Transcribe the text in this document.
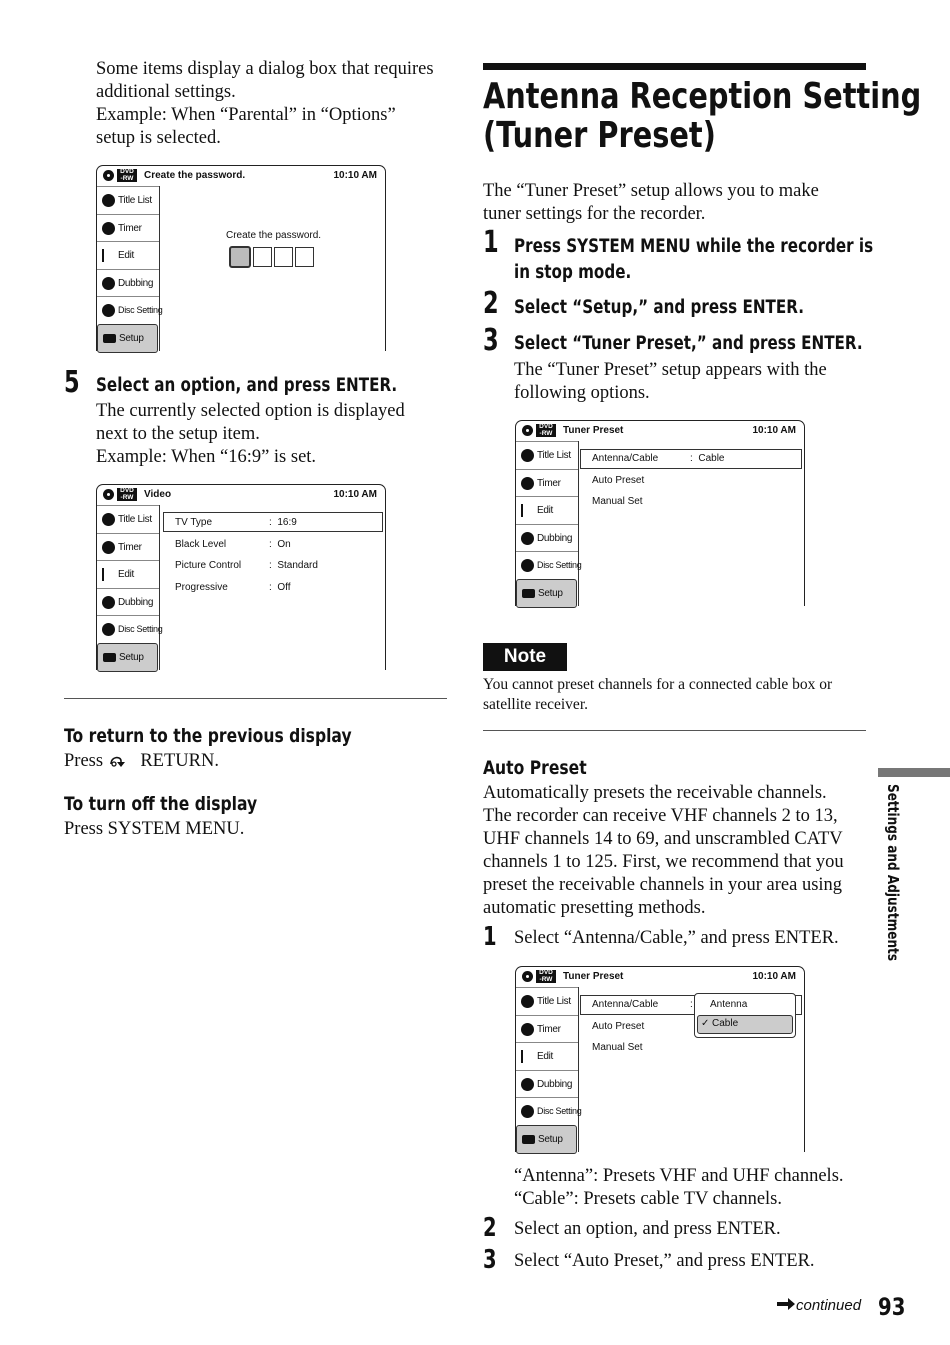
Some items display a dialog box that requires
additional settings.
Example: When “Parental” in “Options”
setup is selected.
DVD
-RW	Create the password.	10:10 AM
Title List
Timer
Edit
Dubbing
Disc Setting
Setup
Create the password.
5 Select an option, and press ENTER.
The currently selected option is displayed
next to the setup item.
Example: When “16:9” is set.
DVD
-RW	Video	10:10 AM
Title List
Timer
Edit
Dubbing
Disc Setting
Setup
TV Type	: 16:9
Black Level	: On
Picture Control	: Standard
Progressive	: Off
To return to the previous display
Press RETURN.
To turn off the display
Press SYSTEM MENU.
Antenna Reception Setting
(Tuner Preset)
The “Tuner Preset” setup allows you to make
tuner settings for the recorder.
1 Press SYSTEM MENU while the recorder is
in stop mode.
2 Select “Setup,” and press ENTER.
3 Select “Tuner Preset,” and press ENTER.
The “Tuner Preset” setup appears with the
following options.
DVD
-RW	Tuner Preset	10:10 AM
Title List
Timer
Edit
Dubbing
Disc Setting
Setup
Antenna/Cable	: Cable
Auto Preset
Manual Set
Note
You cannot preset channels for a connected cable box or
satellite receiver.
Auto Preset
Automatically presets the receivable channels.
The recorder can receive VHF channels 2 to 13,
UHF channels 14 to 69, and unscrambled CATV
channels 1 to 125. First, we recommend that you
preset the receivable channels in your area using
automatic presetting methods.
1 Select “Antenna/Cable,” and press ENTER.
DVD
-RW	Tuner Preset	10:10 AM
Title List
Timer
Edit
Dubbing
Disc Setting
Setup
Antenna/Cable	:
Auto Preset
Manual Set
Antenna
✓ Cable
“Antenna”: Presets VHF and UHF channels.
“Cable”: Presets cable TV channels.
2 Select an option, and press ENTER.
3 Select “Auto Preset,” and press ENTER.
Settings and Adjustments
continued 93
